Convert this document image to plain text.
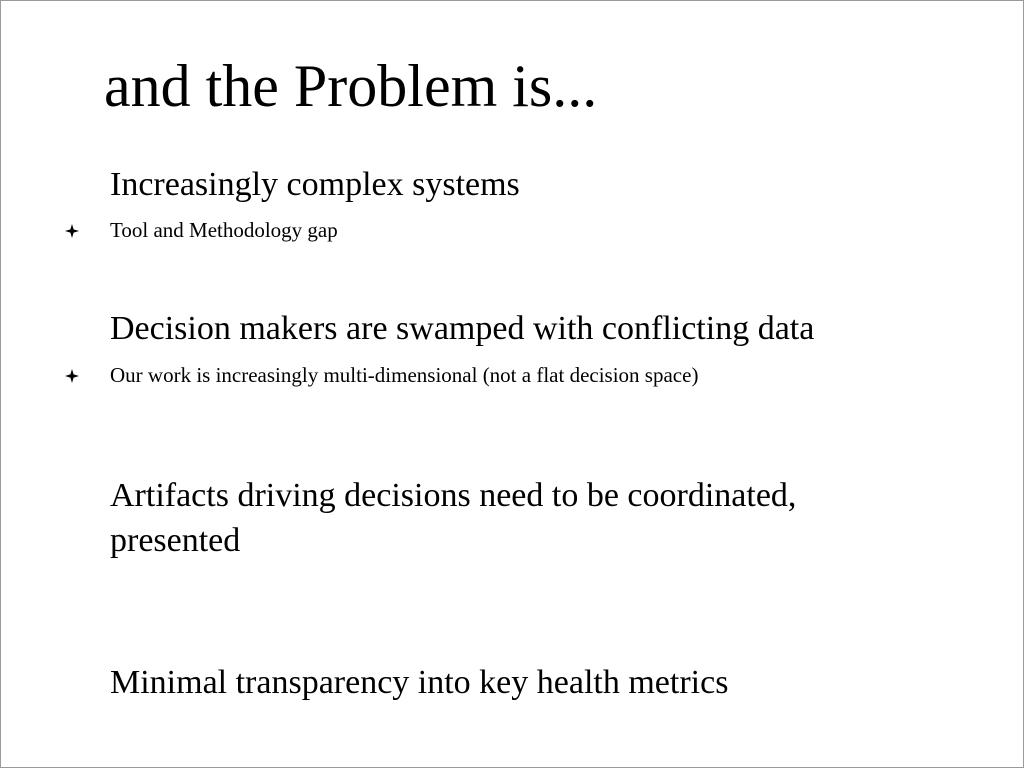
and the Problem is...
Increasingly complex systems
Tool and Methodology gap
Decision makers are swamped with conflicting data
Our work is increasingly multi-dimensional (not a flat decision space)
Artifacts driving decisions need to be coordinated,
presented
Minimal transparency into key health metrics
